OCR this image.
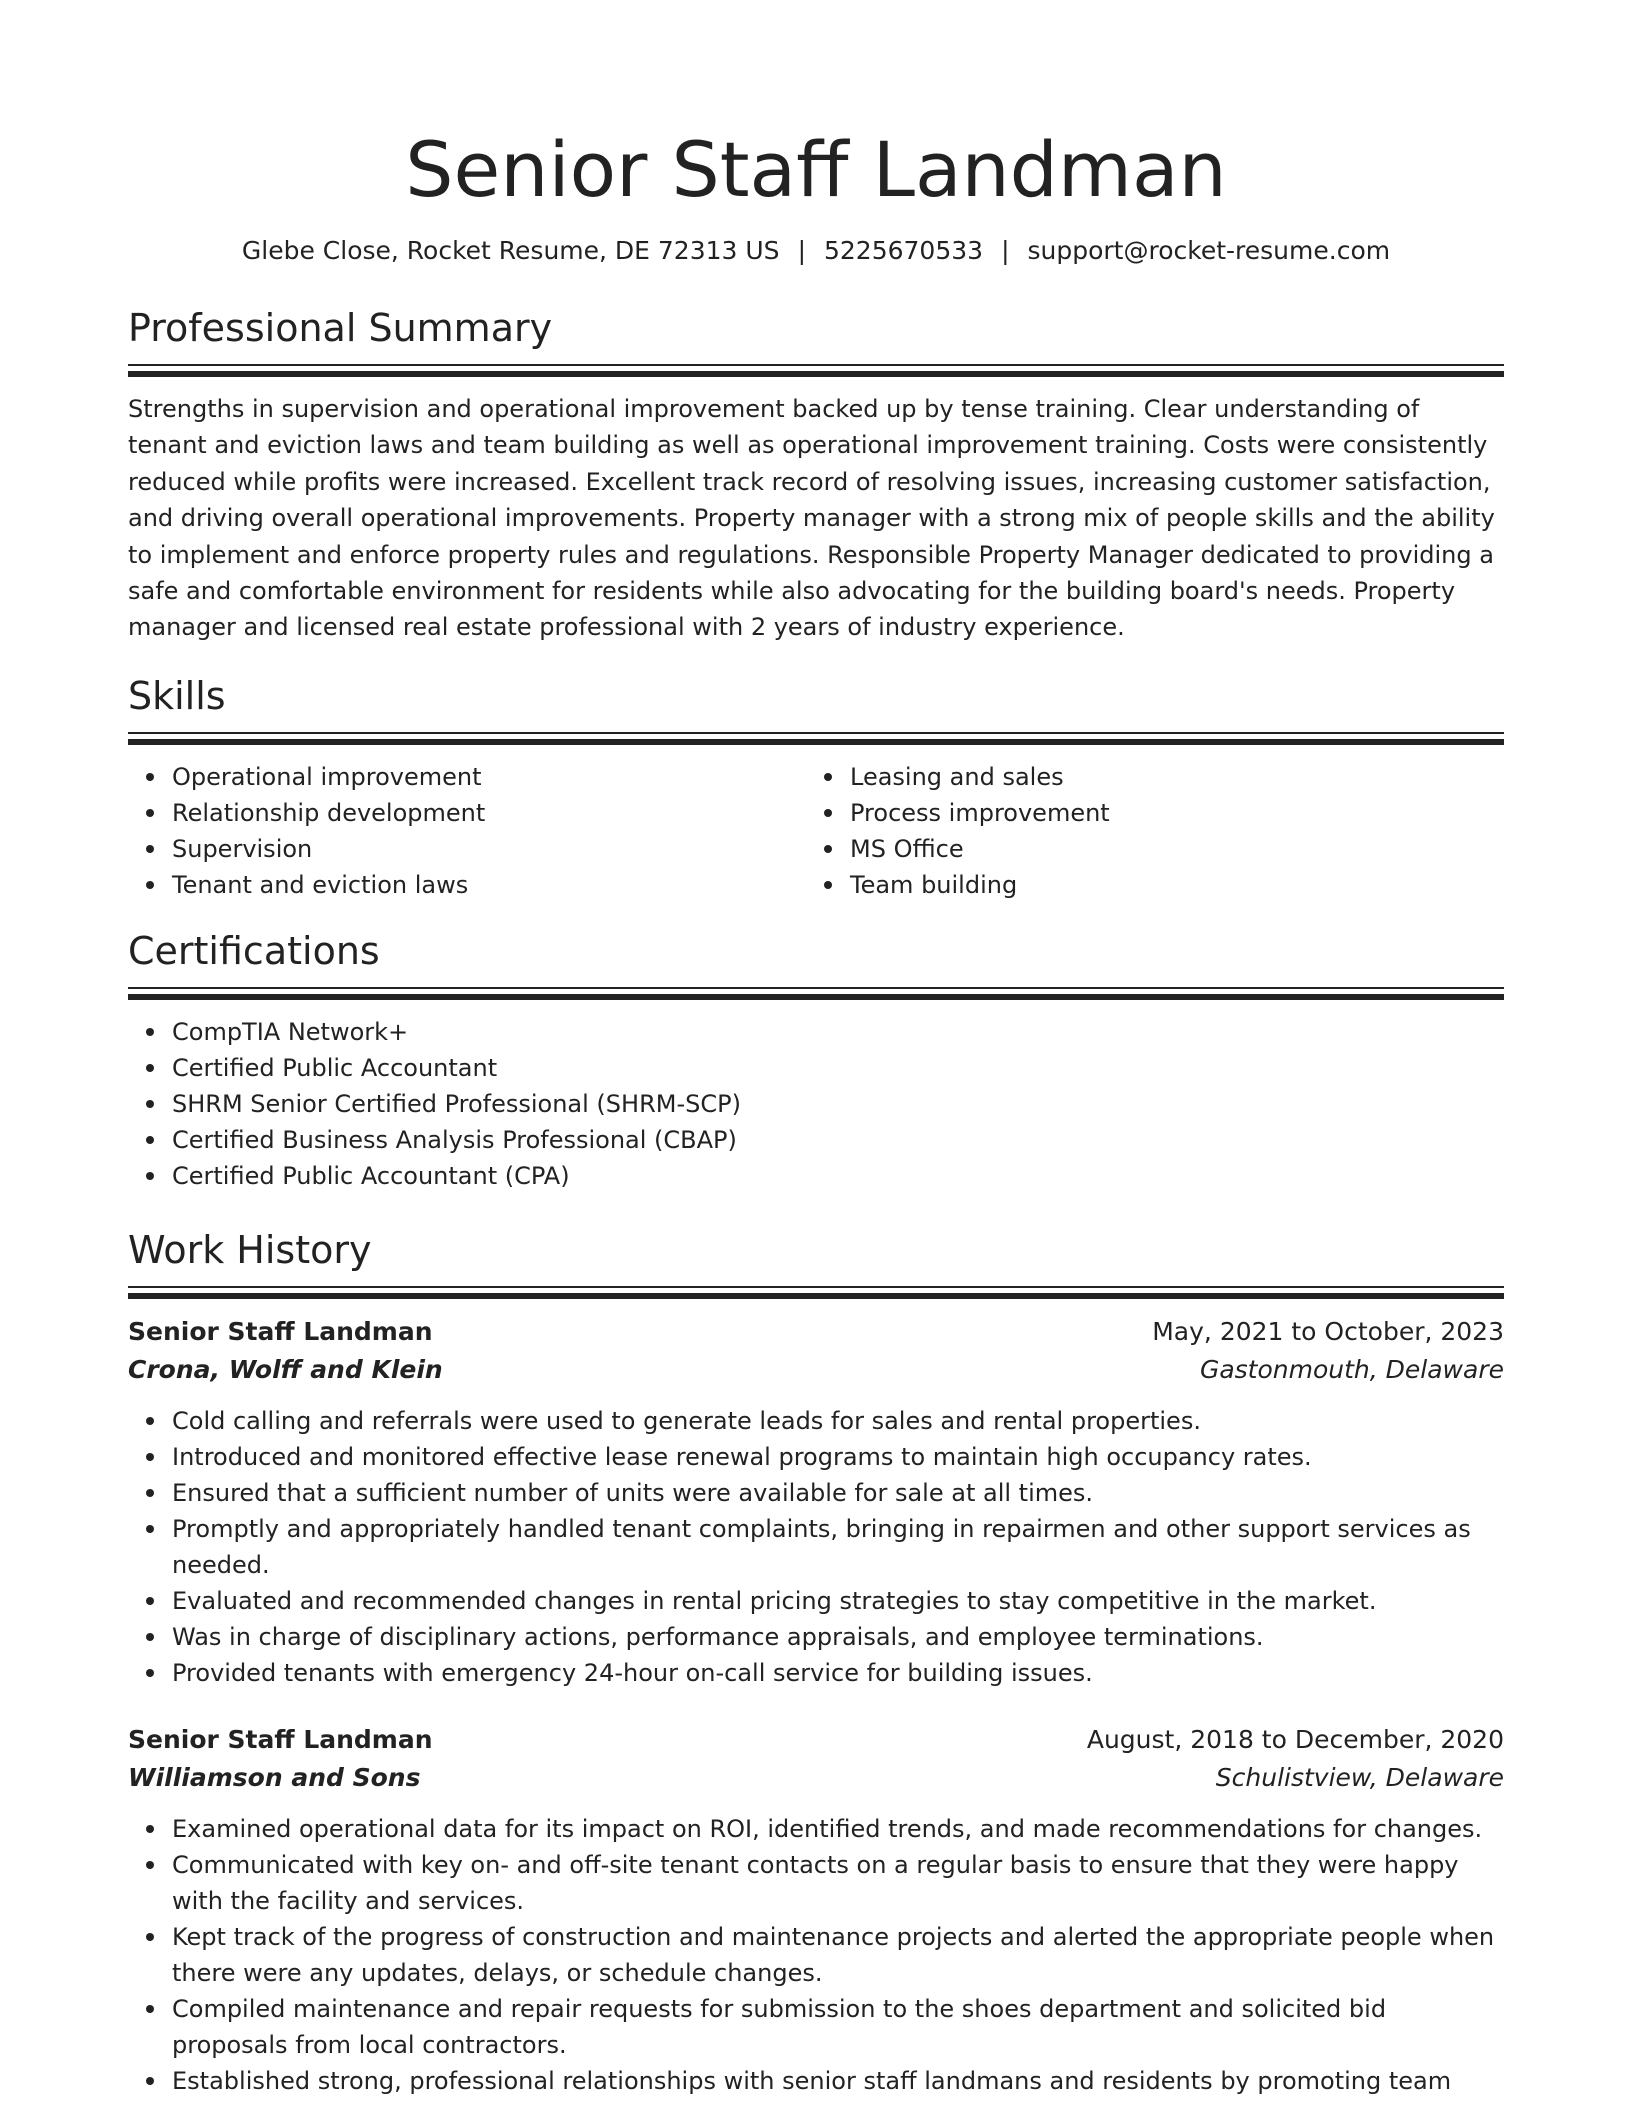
Senior Staff Landman
Glebe Close, Rocket Resume, DE 72313 US | 5225670533 | support@rocket-resume.com
Professional Summary

Strengths in supervision and operational improvement backed up by tense training. Clear understanding of tenant and eviction laws and team building as well as operational improvement training. Costs were consistently reduced while profits were increased. Excellent track record of resolving issues, increasing customer satisfaction, and driving overall operational improvements. Property manager with a strong mix of people skills and the ability to implement and enforce property rules and regulations. Responsible Property Manager dedicated to providing a safe and comfortable environment for residents while also advocating for the building board's needs. Property manager and licensed real estate professional with 2 years of industry experience.

Skills
Operational improvement
Relationship development
Supervision
Tenant and eviction laws
Leasing and sales
Process improvement
MS Office
Team building
Certifications
CompTIA Network+
Certified Public Accountant
SHRM Senior Certified Professional (SHRM-SCP)
Certified Business Analysis Professional (CBAP)
Certified Public Accountant (CPA)
Work History
Senior Staff Landman	May, 2021 to October, 2023
Crona, Wolff and Klein	Gastonmouth, Delaware
Cold calling and referrals were used to generate leads for sales and rental properties.
Introduced and monitored effective lease renewal programs to maintain high occupancy rates.
Ensured that a sufficient number of units were available for sale at all times.
Promptly and appropriately handled tenant complaints, bringing in repairmen and other support services as needed.
Evaluated and recommended changes in rental pricing strategies to stay competitive in the market.
Was in charge of disciplinary actions, performance appraisals, and employee terminations.
Provided tenants with emergency 24-hour on-call service for building issues.
Senior Staff Landman	August, 2018 to December, 2020
Williamson and Sons	Schulistview, Delaware
Examined operational data for its impact on ROI, identified trends, and made recommendations for changes.
Communicated with key on- and off-site tenant contacts on a regular basis to ensure that they were happy with the facility and services.
Kept track of the progress of construction and maintenance projects and alerted the appropriate people when there were any updates, delays, or schedule changes.
Compiled maintenance and repair requests for submission to the shoes department and solicited bid proposals from local contractors.
Established strong, professional relationships with senior staff landmans and residents by promoting team
